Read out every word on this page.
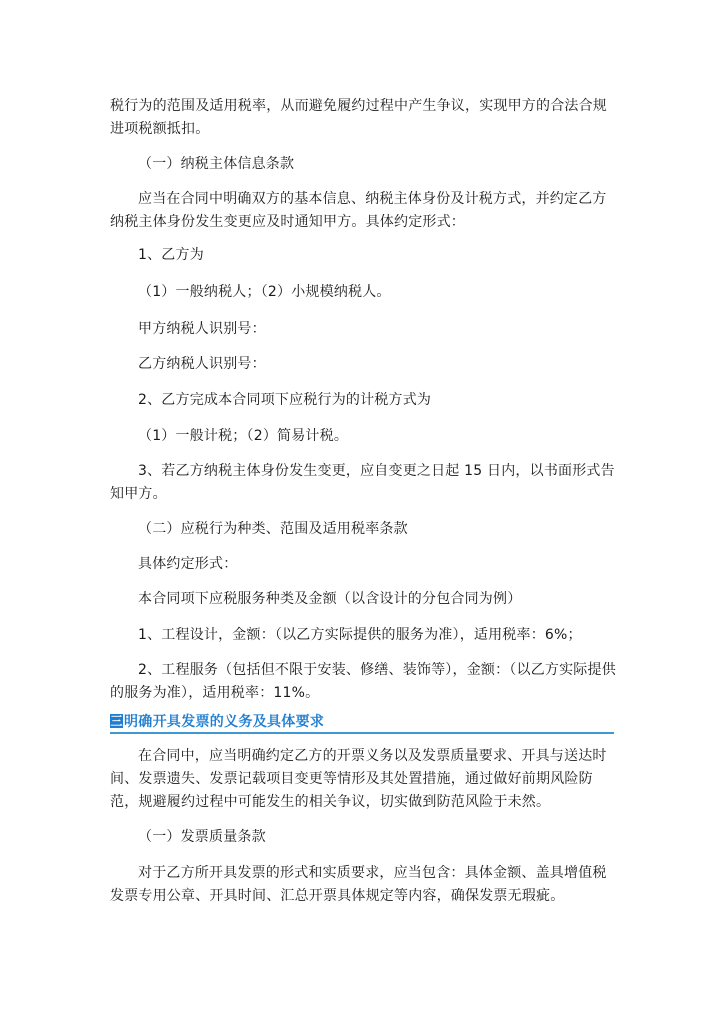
税行为的范围及适用税率，从而避免履约过程中产生争议，实现甲方的合法合规进项税额抵扣。

（一）纳税主体信息条款

应当在合同中明确双方的基本信息、纳税主体身份及计税方式，并约定乙方纳税主体身份发生变更应及时通知甲方。具体约定形式：

1、乙方为

（1）一般纳税人；（2）小规模纳税人。

甲方纳税人识别号：

乙方纳税人识别号：

2、乙方完成本合同项下应税行为的计税方式为

（1）一般计税；（2）简易计税。

3、若乙方纳税主体身份发生变更，应自变更之日起 15 日内，以书面形式告知甲方。

（二）应税行为种类、范围及适用税率条款

具体约定形式：

本合同项下应税服务种类及金额（以含设计的分包合同为例）

1、工程设计，金额：（以乙方实际提供的服务为准），适用税率：6%；

2、工程服务（包括但不限于安装、修缮、装饰等），金额：（以乙方实际提供的服务为准），适用税率：11%。

三 明确开具发票的义务及具体要求

在合同中，应当明确约定乙方的开票义务以及发票质量要求、开具与送达时间、发票遗失、发票记载项目变更等情形及其处置措施，通过做好前期风险防范，规避履约过程中可能发生的相关争议，切实做到防范风险于未然。

（一）发票质量条款

对于乙方所开具发票的形式和实质要求，应当包含：具体金额、盖具增值税发票专用公章、开具时间、汇总开票具体规定等内容，确保发票无瑕疵。
